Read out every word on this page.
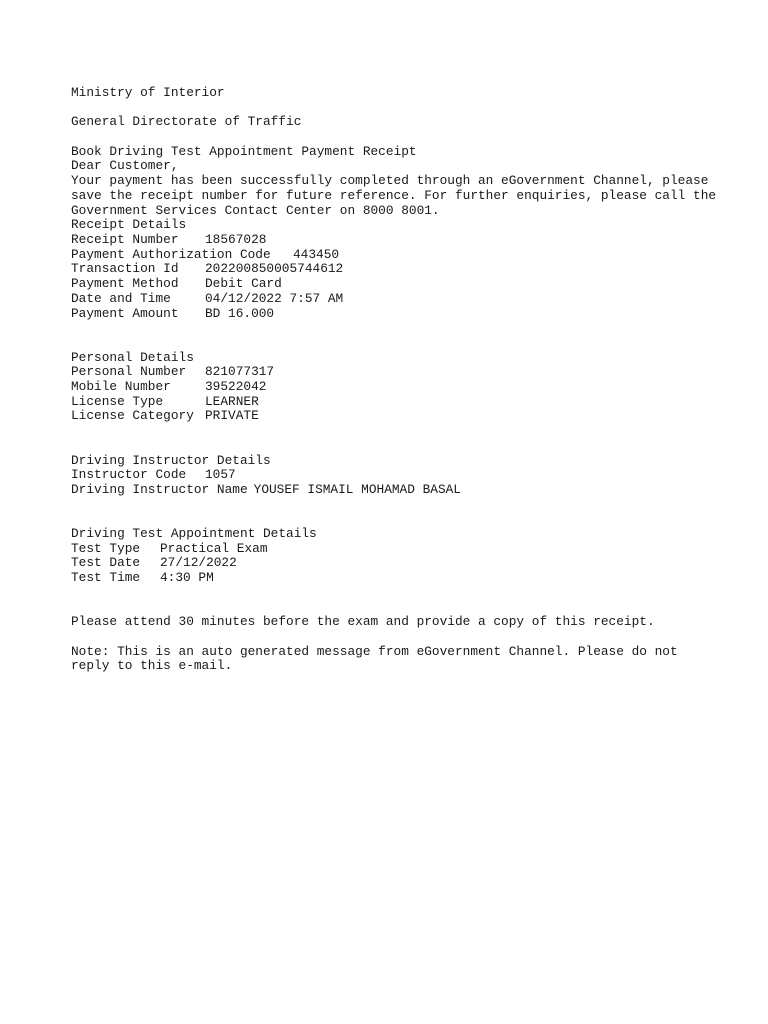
Ministry of Interior
General Directorate of Traffic
Book Driving Test Appointment Payment Receipt
Dear Customer,
Your payment has been successfully completed through an eGovernment Channel, please save the receipt number for future reference. For further enquiries, please call the Government Services Contact Center on 8000 8001.
Receipt Details
Receipt Number	18567028
Payment Authorization Code	443450
Transaction Id	202200850005744612
Payment Method	Debit Card
Date and Time	04/12/2022 7:57 AM
Payment Amount	BD 16.000
Personal Details
Personal Number	821077317
Mobile Number	39522042
License Type	LEARNER
License Category PRIVATE
Driving Instructor Details
Instructor Code	1057
Driving Instructor Name YOUSEF ISMAIL MOHAMAD BASAL
Driving Test Appointment Details
Test Type	Practical Exam
Test Date	27/12/2022
Test Time	4:30 PM
Please attend 30 minutes before the exam and provide a copy of this receipt.
Note: This is an auto generated message from eGovernment Channel. Please do not reply to this e-mail.
